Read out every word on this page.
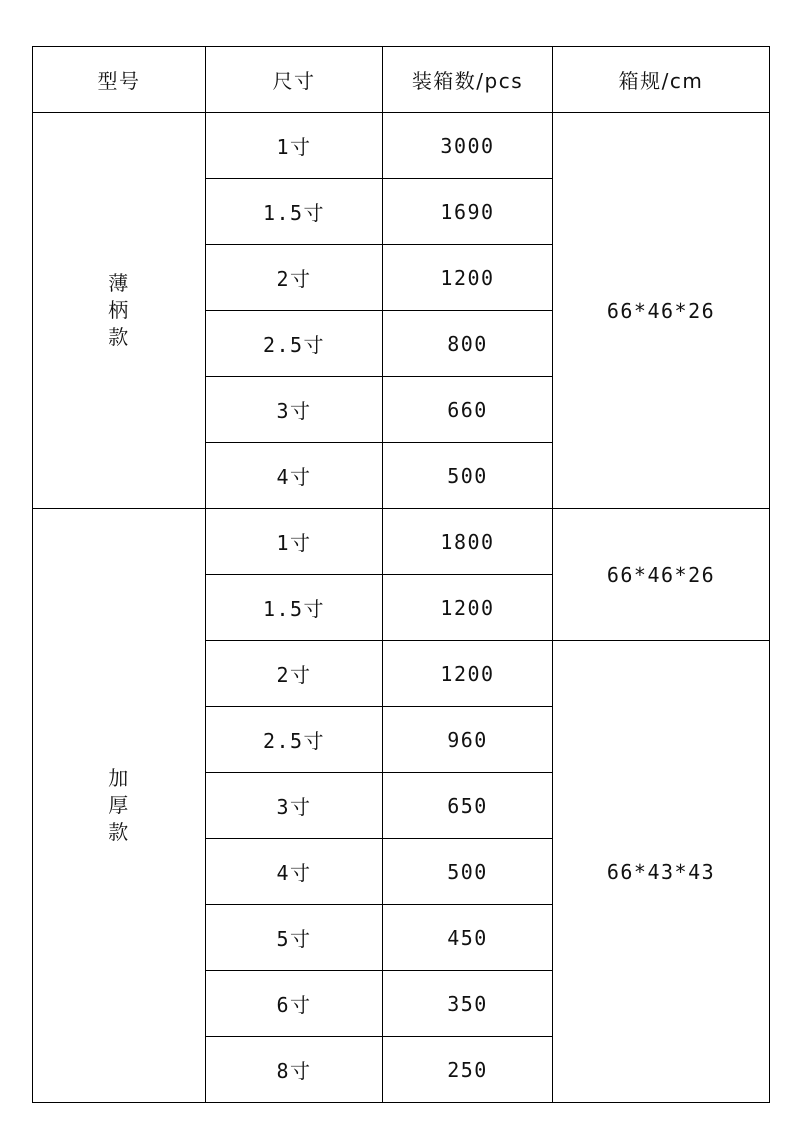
型号	尺寸	装箱数/pcs	箱规/cm
薄柄款	1寸	3000	66*46*26
	1.5寸	1690	
	2寸	1200	
	2.5寸	800	
	3寸	660	
	4寸	500	
加厚款	1寸	1800	66*46*26
	1.5寸	1200	
	2寸	1200	66*43*43
	2.5寸	960	
	3寸	650	
	4寸	500	
	5寸	450	
	6寸	350	
	8寸	250	
